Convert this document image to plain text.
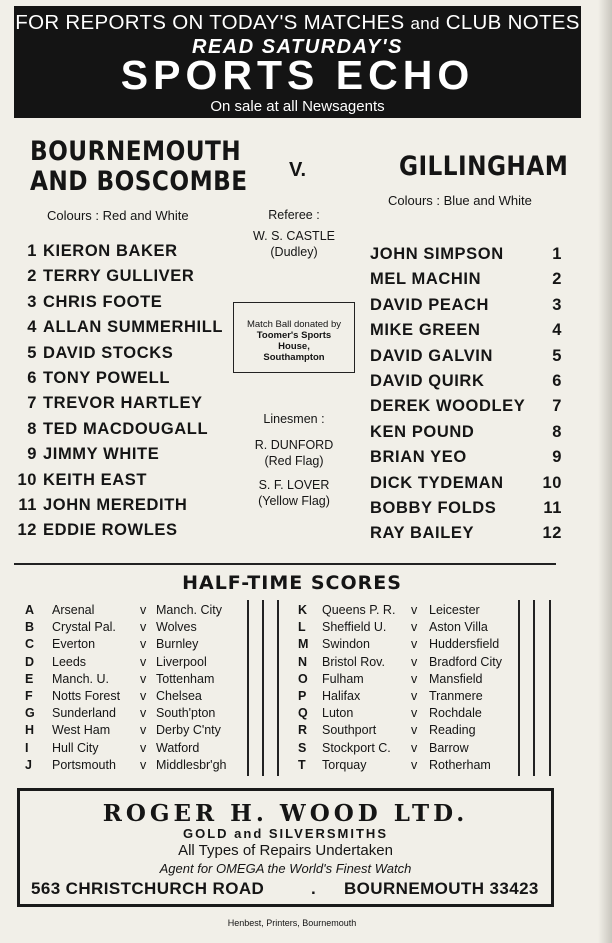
FOR REPORTS ON TODAY'S MATCHES and CLUB NOTES
READ SATURDAY'S
SPORTS ECHO
On sale at all Newsagents
BOURNEMOUTH
AND BOSCOMBE V.	GILLINGHAM
Colours : Red and White
Colours : Blue and White
1 KIERON BAKER
2 TERRY GULLIVER
3 CHRIS FOOTE
4 ALLAN SUMMERHILL
5 DAVID STOCKS
6 TONY POWELL
7 TREVOR HARTLEY
8 TED MACDOUGALL
9 JIMMY WHITE
10 KEITH EAST
11 JOHN MEREDITH
12 EDDIE ROWLES
Referee :
W. S. CASTLE
(Dudley)
Match Ball donated by
Toomer's Sports
House,
Southampton
Linesmen :
R. DUNFORD
(Red Flag)
S. F. LOVER
(Yellow Flag)
JOHN SIMPSON	1
MEL MACHIN	2
DAVID PEACH	3
MIKE GREEN	4
DAVID GALVIN	5
DAVID QUIRK	6
DEREK WOODLEY	7
KEN POUND	8
BRIAN YEO	9
DICK TYDEMAN	10
BOBBY FOLDS	11
RAY BAILEY	12
HALF-TIME SCORES
A Arsenal	v Manch. City
B Crystal Pal. v Wolves
C Everton	v Burnley
D Leeds	v Liverpool
E Manch. U. v Tottenham
F Notts Forest v Chelsea
G Sunderland v South'pton
H West Ham v Derby C'nty
I Hull City	v Watford
J Portsmouth v Middlesbr'gh
K Queens P. R. v Leicester
L Sheffield U. v Aston Villa
M Swindon	v Huddersfield
N Bristol Rov. v Bradford City
O Fulham	v Mansfield
P Halifax	v Tranmere
Q Luton	v Rochdale
R Southport	v Reading
S Stockport C. v Barrow
T Torquay	v Rotherham
ROGER H. WOOD LTD.
GOLD and SILVERSMITHS
All Types of Repairs Undertaken
Agent for OMEGA the World's Finest Watch
563 CHRISTCHURCH ROAD	. BOURNEMOUTH 33423
Henbest, Printers, Bournemouth
